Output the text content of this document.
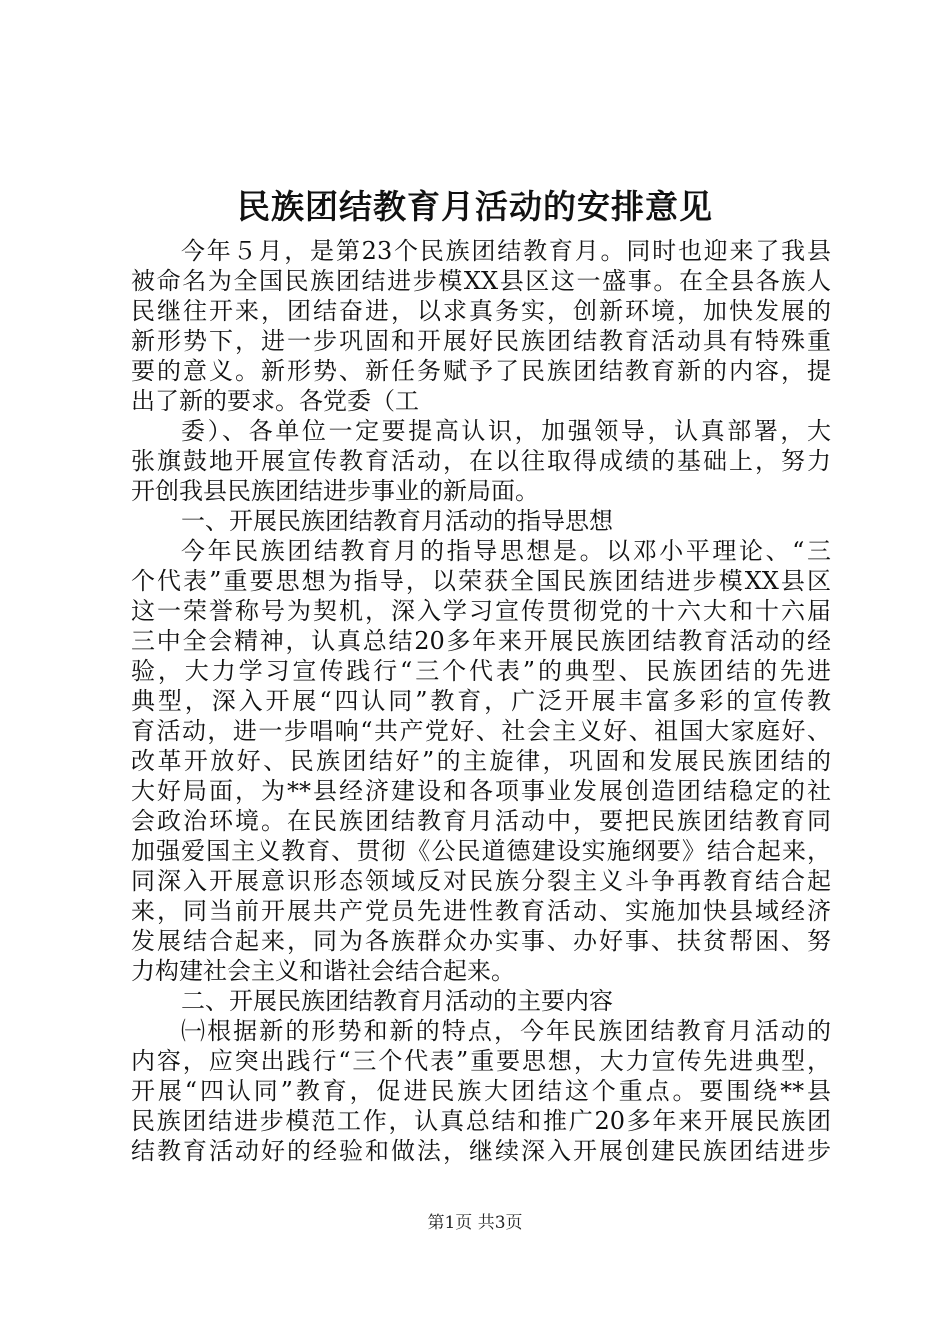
民族团结教育月活动的安排意见
今年５月，是第23个民族团结教育月。同时也迎来了我县
被命名为全国民族团结进步模XX县区这一盛事。在全县各族人
民继往开来，团结奋进，以求真务实，创新环境，加快发展的
新形势下，进一步巩固和开展好民族团结教育活动具有特殊重
要的意义。新形势、新任务赋予了民族团结教育新的内容，提
出了新的要求。各党委（工
委）、各单位一定要提高认识，加强领导，认真部署，大
张旗鼓地开展宣传教育活动，在以往取得成绩的基础上，努力
开创我县民族团结进步事业的新局面。
一、开展民族团结教育月活动的指导思想
今年民族团结教育月的指导思想是。以邓小平理论、“三
个代表”重要思想为指导，以荣获全国民族团结进步模XX县区
这一荣誉称号为契机，深入学习宣传贯彻党的十六大和十六届
三中全会精神，认真总结20多年来开展民族团结教育活动的经
验，大力学习宣传践行“三个代表”的典型、民族团结的先进
典型，深入开展“四认同”教育，广泛开展丰富多彩的宣传教
育活动，进一步唱响“共产党好、社会主义好、祖国大家庭好、
改革开放好、民族团结好”的主旋律，巩固和发展民族团结的
大好局面，为**县经济建设和各项事业发展创造团结稳定的社
会政治环境。在民族团结教育月活动中，要把民族团结教育同
加强爱国主义教育、贯彻《公民道德建设实施纲要》结合起来，
同深入开展意识形态领域反对民族分裂主义斗争再教育结合起
来，同当前开展共产党员先进性教育活动、实施加快县域经济
发展结合起来，同为各族群众办实事、办好事、扶贫帮困、努
力构建社会主义和谐社会结合起来。
二、开展民族团结教育月活动的主要内容
㈠根据新的形势和新的特点，今年民族团结教育月活动的
内容，应突出践行“三个代表”重要思想，大力宣传先进典型，
开展“四认同”教育，促进民族大团结这个重点。要围绕**县
民族团结进步模范工作，认真总结和推广20多年来开展民族团
结教育活动好的经验和做法，继续深入开展创建民族团结进步
第1页 共3页
